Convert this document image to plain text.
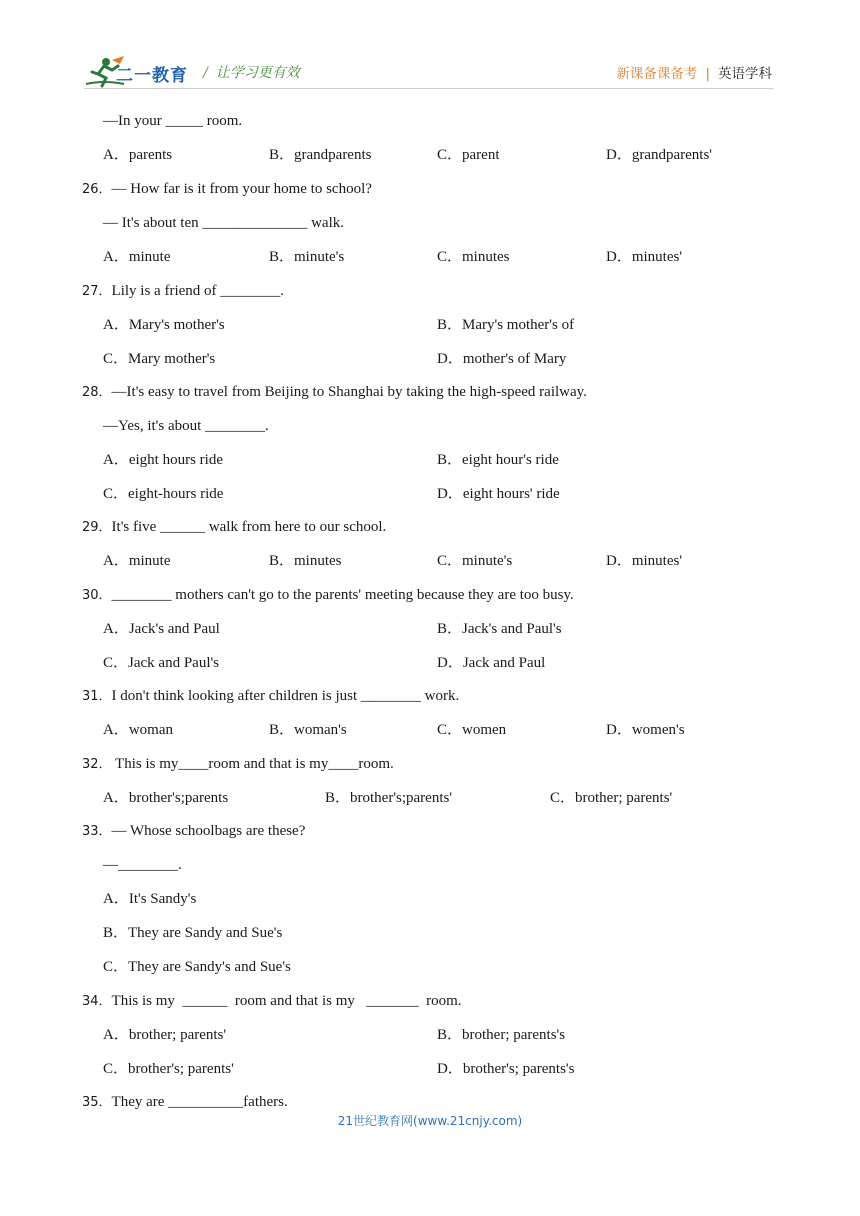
二一教育 / 让学习更有效	新课备课备考 | 英语学科
—In your _____ room.
A．parents	B．grandparents	C．parent	D．grandparents'
26．— How far is it from your home to school?
— It's about ten ______________ walk.
A．minute	B．minute's	C．minutes	D．minutes'
27．Lily is a friend of ________.
A．Mary's mother's	B．Mary's mother's of
C．Mary mother's	D．mother's of Mary
28．—It's easy to travel from Beijing to Shanghai by taking the high-speed railway.
—Yes, it's about ________.
A．eight hours ride	B．eight hour's ride
C．eight-hours ride	D．eight hours' ride
29．It's five ______ walk from here to our school.
A．minute	B．minutes	C．minute's	D．minutes'
30．________ mothers can't go to the parents' meeting because they are too busy.
A．Jack's and Paul	B．Jack's and Paul's
C．Jack and Paul's	D．Jack and Paul
31．I don't think looking after children is just ________ work.
A．woman	B．woman's	C．women	D．women's
32． This is my____room and that is my____room.
A．brother's;parents	B．brother's;parents'	C．brother; parents'
33．— Whose schoolbags are these?
—________.
A．It's Sandy's
B．They are Sandy and Sue's
C．They are Sandy's and Sue's
34．This is my  ______  room and that is my   _______  room.
A．brother; parents'	B．brother; parents's
C．brother's; parents'	D．brother's; parents's
35．They are __________fathers.
21世纪教育网(www.21cnjy.com)
